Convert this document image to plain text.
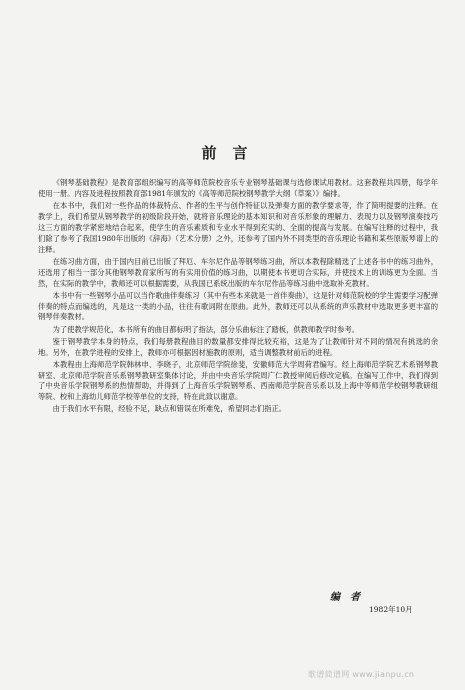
前言

《钢琴基础教程》是教育部组织编写的高等师范院校音乐专业钢琴基础课与选修课试用教材。这套教程共四册，每学年使用一册。内容及进程按照教育部1981年颁发的《高等师范院校钢琴教学大纲（草案）》编排。

在本书中，我们对一些作品的体裁特点、作者的生平与创作特征以及弹奏方面的教学要求等，作了简明提要的注释。在教学上，我们希望从钢琴教学的初级阶段开始，就将音乐理论的基本知识和对音乐形象的理解力、表现力以及钢琴演奏技巧这三方面的教学紧密地结合起来，使学生的音乐素质和专业水平得到充实的、全面的提高与发展。在编写注释的过程中，我们除了参考了我国1980年出版的《辞海》（艺术分册）之外，还参考了国内外不同类型的音乐理论书籍和某些原版琴谱上的注释。

在练习曲方面，由于国内目前已出版了拜厄、车尔尼作品等钢琴练习曲，所以本教程除精选了上述各书中的练习曲外，还选用了相当一部分其他钢琴教育家所写的有实用价值的练习曲，以期使本书更切合实际，并使技术上的训练更为全面。当然，在实际的教学中，教师还可以根据需要，从我国已系统出版的车尔尼作品等练习曲中选取补充教材。

本书中有一些钢琴小品可以当作歌曲伴奏练习（其中有些本来就是一首伴奏曲），这是针对师范院校的学生需要学习配弹伴奏的特点而编选的，凡是这一类的小品，往往有歌词附在原曲。此外，教师还可以从系统的声乐教材中选取更多更丰富的钢琴伴奏教材。

为了使教学规范化，本书所有的曲目都标明了指法，部分乐曲标注了踏板，供教师教学时参考。

鉴于钢琴教学本身的特点，我们每册教程曲目的数量都安排得比较充裕，这是为了让教师针对不同的情况有挑选的余地。另外，在教学进程的安排上，教师亦可根据因材施教的原则，适当调整教材前后的进程。

本教程由上海师范学院韩林申、李晓子，北京师范学院徐斐，安徽师范大学周荷君编写。经上海师范学院艺术系钢琴教研室、北京师范学院音乐系钢琴教研室集体讨论，并由中央音乐学院周广仁教授审阅后修改定稿。在编写工作中，我们得到了中央音乐学院钢琴系的热情帮助，并得到了上海音乐学院钢琴系、西南师范学院音乐系以及上海中等师范学校钢琴教研组等院、校和上海幼儿师范学校等单位的支持，特在此致以谢意。

由于我们水平有限，经验不足，缺点和错误在所难免，希望同志们指正。

编者
1982年10月
歌谱简谱网 www.jianpu.cn
